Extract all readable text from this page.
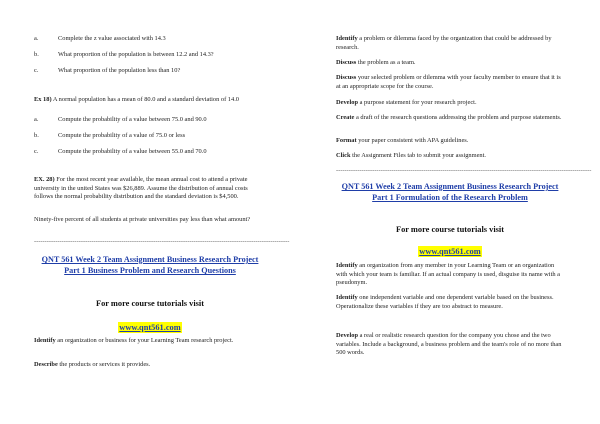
a.	Complete the z value associated with 14.3
b.	What proportion of the population is between 12.2 and 14.3?
c.	What proportion of the population less than 10?
Ex 18) A normal population has a mean of 80.0 and a standard deviation of 14.0
a.	Compute the probability of a value between 75.0 and 90.0
b.	Compute the probability of a value of 75.0 or less
c.	Compute the probability of a value between 55.0 and 70.0
EX. 28) For the most recent year available, the mean annual cost to attend a private university in the united States was $26,889. Assume the distribution of annual costs follows the normal probability distribution and the standard deviation is $4,500.
Ninety-five percent of all students at private universities pay less than what amount?
------------------------------------------------------------------------------------------------------------------------
QNT 561 Week 2 Team Assignment Business Research Project Part 1 Business Problem and Research Questions
For more course tutorials visit
www.qnt561.com
Identify an organization or business for your Learning Team research project.
Describe the products or services it provides.
Identify a problem or dilemma faced by the organization that could be addressed by research.
Discuss the problem as a team.
Discuss your selected problem or dilemma with your faculty member to ensure that it is at an appropriate scope for the course.
Develop a purpose statement for your research project.
Create a draft of the research questions addressing the problem and purpose statements.
Format your paper consistent with APA guidelines.
Click the Assignment Files tab to submit your assignment.
------------------------------------------------------------------------------------------------------------------------
QNT 561 Week 2 Team Assignment Business Research Project Part 1 Formulation of the Research Problem
For more course tutorials visit
www.qnt561.com
Identify an organization from any member in your Learning Team or an organization with which your team is familiar. If an actual company is used, disguise its name with a pseudonym.
Identify one independent variable and one dependent variable based on the business. Operationalize these variables if they are too abstract to measure.
Develop a real or realistic research question for the company you chose and the two variables. Include a background, a business problem and the team's role of no more than 500 words.
